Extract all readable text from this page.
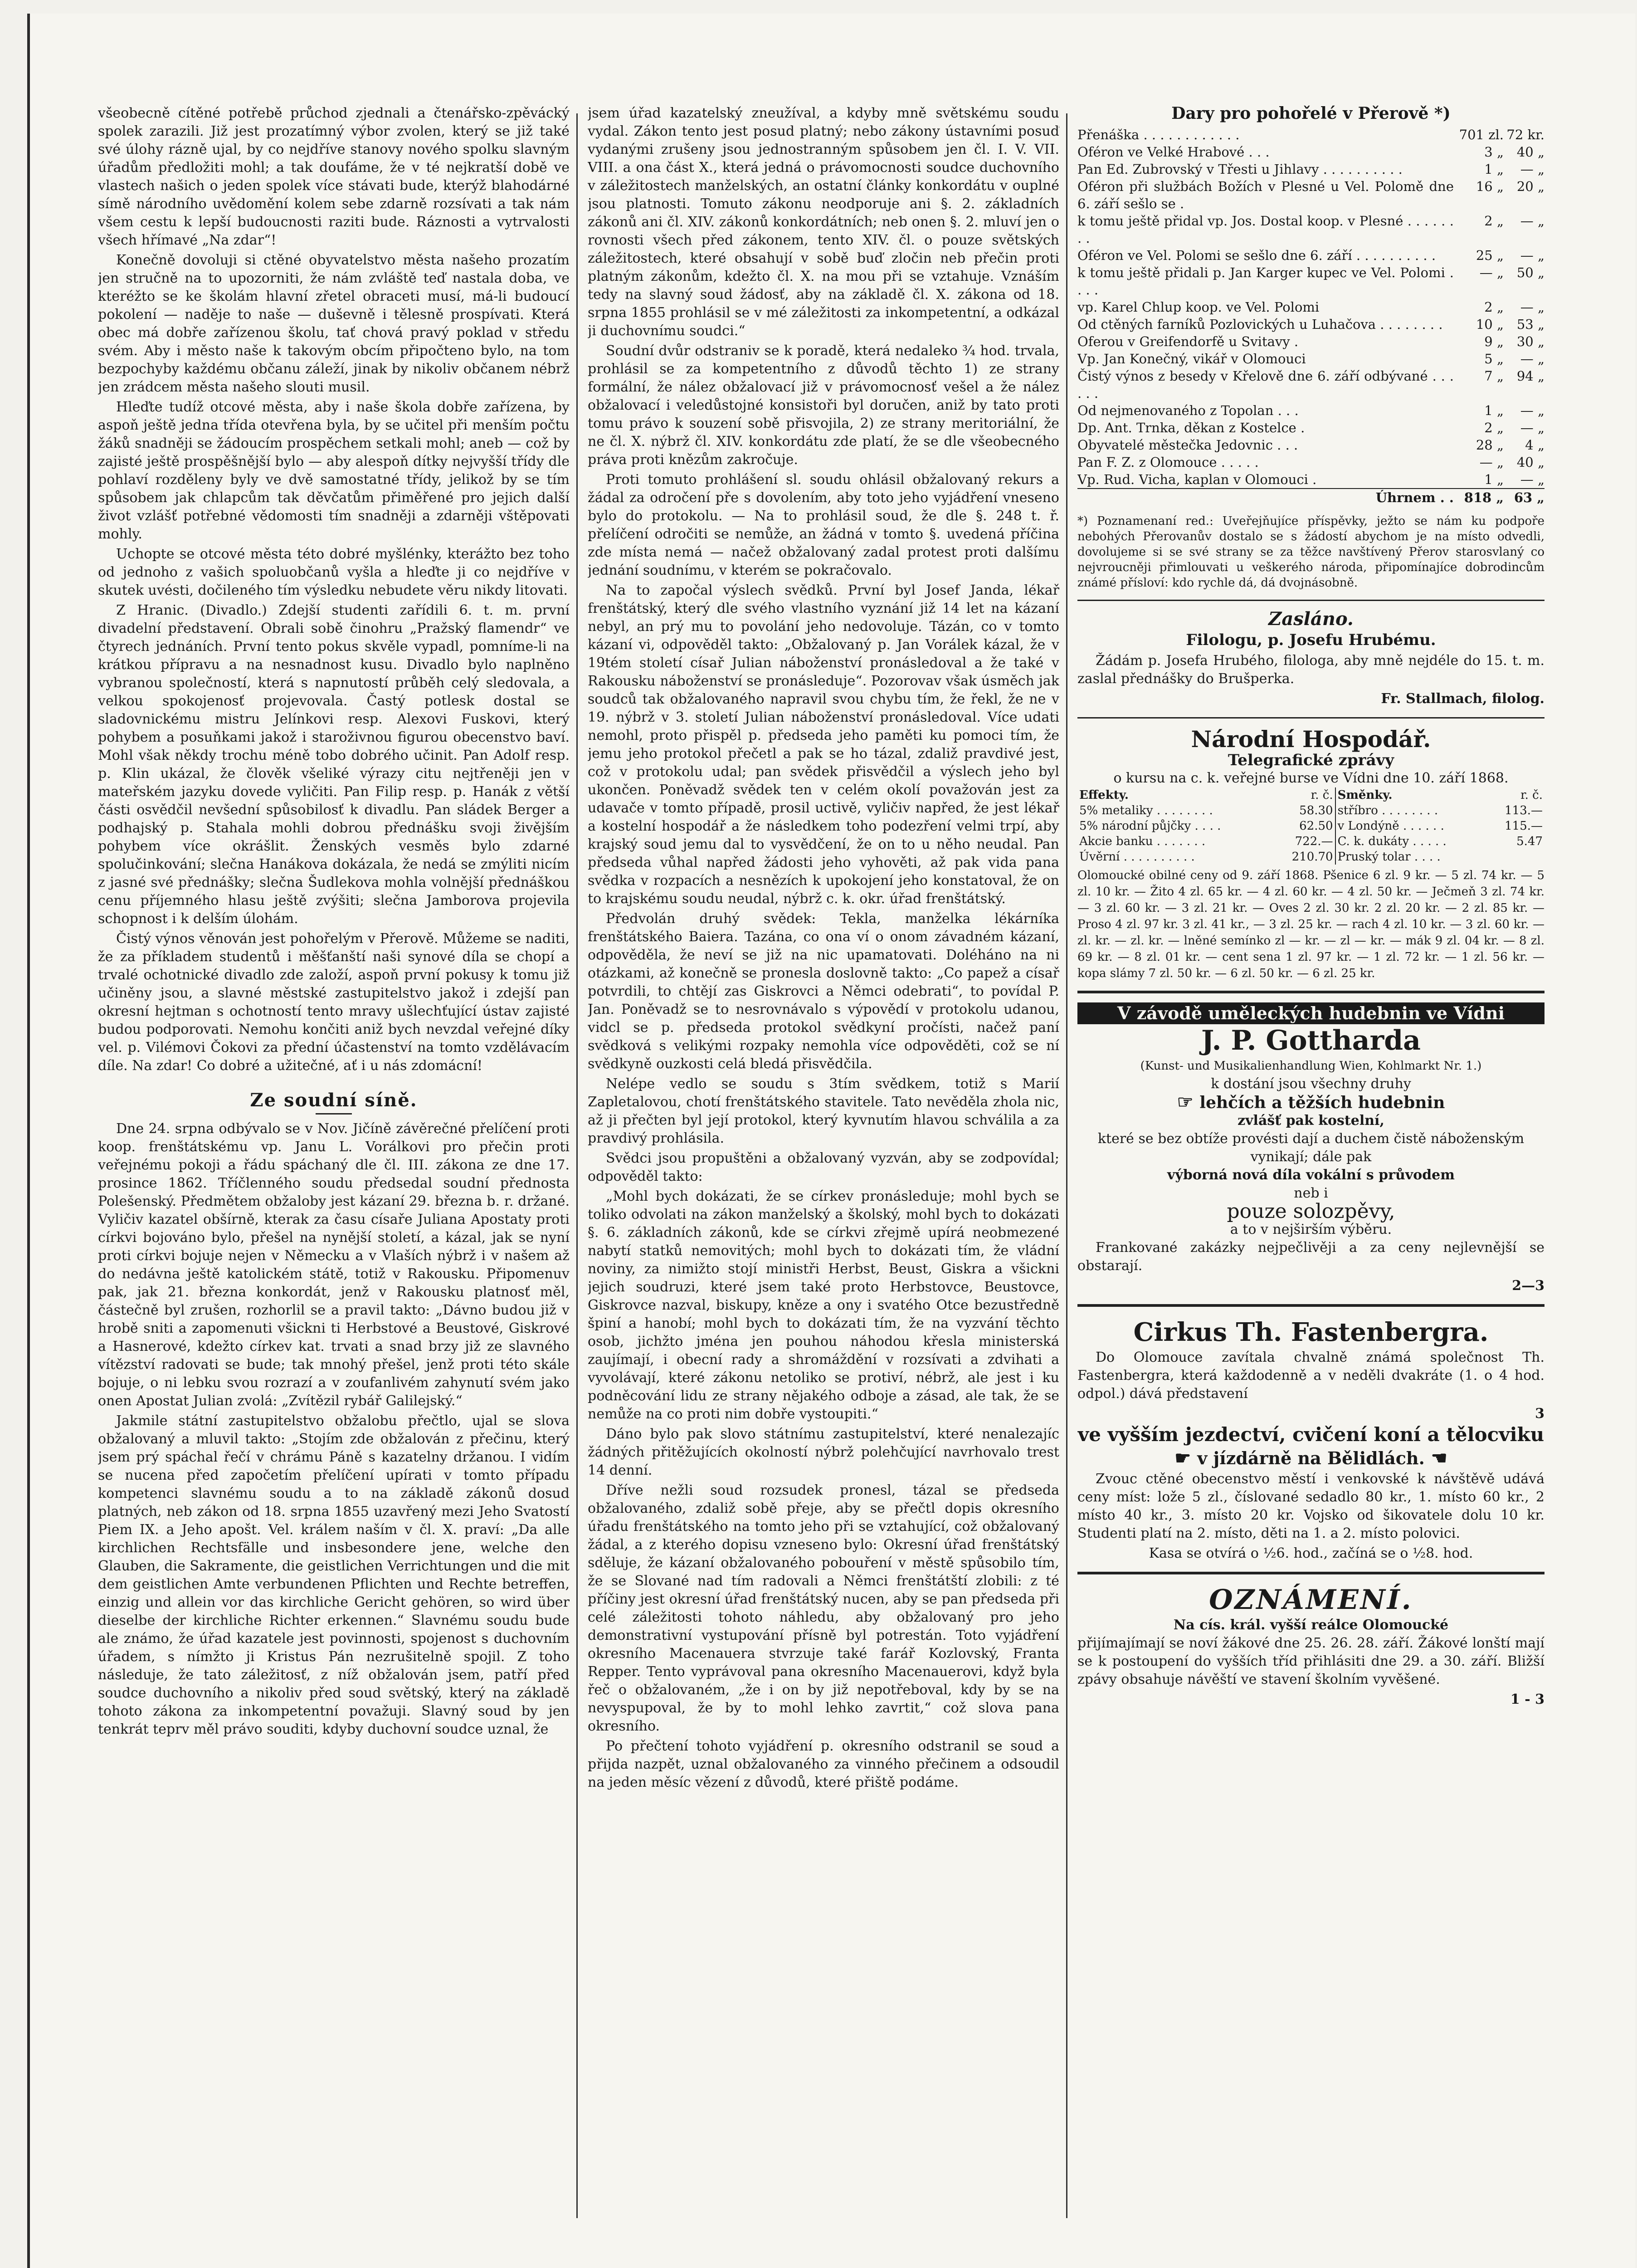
všeobecně cítěné potřebě průchod zjednali a čtenářsko-zpěvácký spolek zarazili. Již jest prozatímný výbor zvolen, který se již také své úlohy rázně ujal, by co nejdříve stanovy nového spolku slavným úřadům předložiti mohl; a tak doufáme, že v té nejkratší době ve vlastech našich o jeden spolek více stávati bude, kterýž blahodárné símě národního uvědomění kolem sebe zdarně rozsívati a tak nám všem cestu k lepší budoucnosti raziti bude. Ráznosti a vytrvalosti všech hřímavé „Na zdar“!

Konečně dovoluji si ctěné obyvatelstvo města našeho prozatím jen stručně na to upozorniti, že nám zvláště teď nastala doba, ve kteréžto se ke školám hlavní zřetel obraceti musí, má-li budoucí pokolení — naděje to naše — duševně i tělesně prospívati. Která obec má dobře zařízenou školu, tať chová pravý poklad v středu svém. Aby i město naše k takovým obcím připočteno bylo, na tom bezpochyby každému občanu záleží, jinak by nikoliv občanem nébrž jen zrádcem města našeho slouti musil.

Hleďte tudíž otcové města, aby i naše škola dobře zařízena, by aspoň ještě jedna třída otevřena byla, by se učitel při menším počtu žáků snadněji se žádoucím prospěchem setkali mohl; aneb — což by zajisté ještě prospěšnější bylo — aby alespoň dítky nejvyšší třídy dle pohlaví rozděleny byly ve dvě samostatné třídy, jelikož by se tím spůsobem jak chlapcům tak děvčatům přiměřené pro jejich další život vzlášť potřebné vědomosti tím snadněji a zdarněji vštěpovati mohly.

Uchopte se otcové města této dobré myšlénky, kterážto bez toho od jednoho z vašich spoluobčanů vyšla a hleďte ji co nejdříve v skutek uvésti, dočileného tím výsledku nebudete věru nikdy litovati.

Z Hranic. (Divadlo.) Zdejší studenti zařídili 6. t. m. první divadelní představení. Obrali sobě činohru „Pražský flamendr“ ve čtyrech jednáních. První tento pokus skvěle vypadl, pomníme-li na krátkou přípravu a na nesnadnost kusu. Divadlo bylo naplněno vybranou společností, která s napnutostí průběh celý sledovala, a velkou spokojenosť projevovala. Častý potlesk dostal se sladovnickému mistru Jelínkovi resp. Alexovi Fuskovi, který pohybem a posuňkami jakož i staroživnou figurou obecenstvo baví. Mohl však někdy trochu méně tobo dobrého učinit. Pan Adolf resp. p. Klin ukázal, že člověk všeliké výrazy citu nejtřeněji jen v mateřském jazyku dovede vyličiti. Pan Filip resp. p. Hanák z větší části osvědčil nevšední spůsobilosť k divadlu. Pan sládek Berger a podhajský p. Stahala mohli dobrou přednášku svoji živějším pohybem více okrášlit. Ženských vesměs bylo zdarné spolučinkování; slečna Hanákova dokázala, že nedá se zmýliti nicím z jasné své přednášky; slečna Šudlekova mohla volnější přednáškou cenu příjemného hlasu ještě zvýšiti; slečna Jamborova projevila schopnost i k delším úlohám.

Čistý výnos věnován jest pohořelým v Přerově. Můžeme se naditi, že za příkladem studentů i měšťanští naši synové díla se chopí a trvalé ochotnické divadlo zde založí, aspoň první pokusy k tomu již učiněny jsou, a slavné městské zastupitelstvo jakož i zdejší pan okresní hejtman s ochotností tento mravy ušlechťující ústav zajisté budou podporovati. Nemohu končiti aniž bych nevzdal veřejné díky vel. p. Vilémovi Čokovi za přední účastenství na tomto vzdělávacím díle. Na zdar! Co dobré a užitečné, ať i u nás zdomácní!

Ze soudní síně.

Dne 24. srpna odbývalo se v Nov. Jičíně závěrečné přelíčení proti koop. frenštátskému vp. Janu L. Vorálkovi pro přečin proti veřejnému pokoji a řádu spáchaný dle čl. III. zákona ze dne 17. prosince 1862. Tříčlenného soudu předsedal soudní přednosta Polešenský. Předmětem obžaloby jest kázaní 29. března b. r. držané. Vyličiv kazatel obšírně, kterak za času císaře Juliana Apostaty proti církvi bojováno bylo, přešel na nynější století, a kázal, jak se nyní proti církvi bojuje nejen v Německu a v Vlaších nýbrž i v našem až do nedávna ještě katolickém státě, totiž v Rakousku. Připomenuv pak, jak 21. března konkordát, jenž v Rakousku platnosť měl, částečně byl zrušen, rozhorlil se a pravil takto: „Dávno budou již v hrobě sniti a zapomenuti všickni ti Herbstové a Beustové, Giskrové a Hasnerové, kdežto církev kat. trvati a snad brzy již ze slavného vítězství radovati se bude; tak mnohý přešel, jenž proti této skále bojuje, o ni lebku svou rozrazí a v zoufanlivém zahynutí svém jako onen Apostat Julian zvolá: „Zvítězil rybář Galilejský.“

Jakmile státní zastupitelstvo obžalobu přečtlo, ujal se slova obžalovaný a mluvil takto: „Stojím zde obžalován z přečinu, který jsem prý spáchal řečí v chrámu Páně s kazatelny držanou. I vidím se nucena před započetím přelíčení upírati v tomto případu kompetenci slavnému soudu a to na základě zákonů dosud platných, neb zákon od 18. srpna 1855 uzavřený mezi Jeho Svatostí Piem IX. a Jeho apošt. Vel. králem naším v čl. X. praví: „Da alle kirchlichen Rechtsfälle und insbesondere jene, welche den Glauben, die Sakramente, die geistlichen Verrichtungen und die mit dem geistlichen Amte verbundenen Pflichten und Rechte betreffen, einzig und allein vor das kirchliche Gericht gehören, so wird über dieselbe der kirchliche Richter erkennen.“ Slavnému soudu bude ale známo, že úřad kazatele jest povinnosti, spojenost s duchovním úřadem, s nímžto ji Kristus Pán nezrušitelně spojil. Z toho následuje, že tato záležitosť, z níž obžalován jsem, patří před soudce duchovního a nikoliv před soud světský, který na základě tohoto zákona za inkompetentní považuji. Slavný soud by jen tenkrát teprv měl právo souditi, kdyby duchovní soudce uznal, že

jsem úřad kazatelský zneužíval, a kdyby mně světskému soudu vydal. Zákon tento jest posud platný; nebo zákony ústavními posuď vydanými zrušeny jsou jednostranným spůsobem jen čl. I. V. VII. VIII. a ona část X., která jedná o právomocnosti soudce duchovního v záležitostech manželských, an ostatní články konkordátu v ouplné jsou platnosti. Tomuto zákonu neodporuje ani §. 2. základních zákonů ani čl. XIV. zákonů konkordátních; neb onen §. 2. mluví jen o rovnosti všech před zákonem, tento XIV. čl. o pouze světských záležitostech, které obsahují v sobě buď zločin neb přečin proti platným zákonům, kdežto čl. X. na mou při se vztahuje. Vznáším tedy na slavný soud žádosť, aby na základě čl. X. zákona od 18. srpna 1855 prohlásil se v mé záležitosti za inkompetentní, a odkázal ji duchovnímu soudci.“

Soudní dvůr odstraniv se k poradě, která nedaleko ¾ hod. trvala, prohlásil se za kompetentního z důvodů těchto 1) ze strany formální, že nález obžalovací již v právomocnosť vešel a že nález obžalovací i veledůstojné konsistoři byl doručen, aniž by tato proti tomu právo k souzení sobě přisvojila, 2) ze strany meritoriální, že ne čl. X. nýbrž čl. XIV. konkordátu zde platí, že se dle všeobecného práva proti knězům zakročuje.

Proti tomuto prohlášení sl. soudu ohlásil obžalovaný rekurs a žádal za odročení pře s dovolením, aby toto jeho vyjádření vneseno bylo do protokolu. — Na to prohlásil soud, že dle §. 248 t. ř. přelíčení odročiti se nemůže, an žádná v tomto §. uvedená příčina zde místa nemá — načež obžalovaný zadal protest proti dalšímu jednání soudnímu, v kterém se pokračovalo.

Na to započal výslech svědků. První byl Josef Janda, lékař frenštátský, který dle svého vlastního vyznání již 14 let na kázaní nebyl, an prý mu to povolání jeho nedovoluje. Tázán, co v tomto kázaní vi, odpověděl takto: „Obžalovaný p. Jan Vorálek kázal, že v 19tém století císař Julian náboženství pronásledoval a že také v Rakousku náboženství se pronásleduje“. Pozorovav však úsměch jak soudců tak obžalovaného napravil svou chybu tím, že řekl, že ne v 19. nýbrž v 3. století Julian náboženství pronásledoval. Více udati nemohl, proto přispěl p. předseda jeho paměti ku pomoci tím, že jemu jeho protokol přečetl a pak se ho tázal, zdaliž pravdivé jest, což v protokolu udal; pan svědek přisvědčil a výslech jeho byl ukončen. Poněvadž svědek ten v celém okolí považován jest za udavače v tomto případě, prosil uctivě, vyličiv napřed, že jest lékař a kostelní hospodář a že následkem toho podezření velmi trpí, aby krajský soud jemu dal to vysvědčení, že on to u něho neudal. Pan předseda vůhal napřed žádosti jeho vyhověti, až pak vida pana svědka v rozpacích a nesnězích k upokojení jeho konstatoval, že on to krajskému soudu neudal, nýbrž c. k. okr. úřad frenštátský.

Předvolán druhý svědek: Tekla, manželka lékárníka frenštátského Baiera. Tazána, co ona ví o onom závadném kázaní, odpověděla, že neví se již na nic upamatovati. Doléháno na ni otázkami, až konečně se pronesla doslovně takto: „Co papež a císař potvrdili, to chtějí zas Giskrovci a Němci odebrati“, to povídal P. Jan. Poněvadž se to nesrovnávalo s výpovědí v protokolu udanou, vidcl se p. předseda protokol svědkyní pročísti, načež paní svědková s velikými rozpaky nemohla více odpověděti, což se ní svědkyně ouzkosti celá bledá přisvědčila.

Nelépe vedlo se soudu s 3tím svědkem, totiž s Marií Zapletalovou, chotí frenštátského stavitele. Tato nevěděla zhola nic, až ji přečten byl její protokol, který kyvnutím hlavou schválila a za pravdivý prohlásila.

Svědci jsou propuštěni a obžalovaný vyzván, aby se zodpovídal; odpověděl takto:

„Mohl bych dokázati, že se církev pronásleduje; mohl bych se toliko odvolati na zákon manželský a školský, mohl bych to dokázati §. 6. základních zákonů, kde se církvi zřejmě upírá neobmezené nabytí statků nemovitých; mohl bych to dokázati tím, že vládní noviny, za nimižto stojí ministři Herbst, Beust, Giskra a všickni jejich soudruzi, které jsem také proto Herbstovce, Beustovce, Giskrovce nazval, biskupy, kněze a ony i svatého Otce bezustředně špiní a hanobí; mohl bych to dokázati tím, že na vyzvání těchto osob, jichžto jména jen pouhou náhodou křesla ministerská zaujímají, i obecní rady a shromáždění v rozsívati a zdvihati a vyvolávají, které zákonu netoliko se protiví, nébrž, ale jest i ku podněcování lidu ze strany nějakého odboje a zásad, ale tak, že se nemůže na co proti nim dobře vystoupiti.“

Dáno bylo pak slovo státnímu zastupitelství, které nenalezajíc žádných přitěžujících okolností nýbrž polehčující navrhovalo trest 14 denní.

Dříve nežli soud rozsudek pronesl, tázal se předseda obžalovaného, zdaliž sobě přeje, aby se přečtl dopis okresního úřadu frenštátského na tomto jeho při se vztahující, což obžalovaný žádal, a z kterého dopisu vzneseno bylo: Okresní úřad frenštátský sděluje, že kázaní obžalovaného pobouření v městě spůsobilo tím, že se Slované nad tím radovali a Němci frenštátští zlobili: z té příčiny jest okresní úřad frenštátský nucen, aby se pan předseda při celé záležitosti tohoto náhledu, aby obžalovaný pro jeho demonstrativní vystupování přísně byl potrestán. Toto vyjádření okresního Macenauera stvrzuje také farář Kozlovský, Franta Repper. Tento vyprávoval pana okresního Macenauerovi, když byla řeč o obžalovaném, „že i on by již nepotřeboval, kdy by se na nevyspupoval, že by to mohl lehko zavrtit,“ což slova pana okresního.

Po přečtení tohoto vyjádření p. okresního odstranil se soud a přijda nazpět, uznal obžalovaného za vinného přečinem a odsoudil na jeden měsíc vězení z důvodů, které přiště podáme.

Dary pro pohořelé v Přerově *)
Přenáška . . . . . . . . . . . .	701 zl.	72 kr.
Oféron ve Velké Hrabové . . .	3 „	40 „
Pan Ed. Zubrovský v Třesti u Jihlavy . . . . . . . . . .	1 „	— „
Oféron při službách Božích v Plesné u Vel. Polomě dne 6. září sešlo se .	16 „	20 „
k tomu ještě přidal vp. Jos. Dostal koop. v Plesné . . . . . . . .	2 „	— „
Oféron ve Vel. Polomi se sešlo dne 6. září . . . . . . . . . .	25 „	— „
k tomu ještě přidali p. Jan Karger kupec ve Vel. Polomi . . . .	— „	50 „
vp. Karel Chlup koop. ve Vel. Polomi	2 „	— „
Od ctěných farníků Pozlovických u Luhačova . . . . . . . .	10 „	53 „
Oferou v Greifendorfě u Svitavy .	9 „	30 „
Vp. Jan Konečný, vikář v Olomouci	5 „	— „
Čistý výnos z besedy v Křelově dne 6. září odbývané . . . . . .	7 „	94 „
Od nejmenovaného z Topolan . . .	1 „	— „
Dp. Ant. Trnka, děkan z Kostelce .	2 „	— „
Obyvatelé městečka Jedovnic . . .	28 „	4 „
Pan F. Z. z Olomouce . . . . .	— „	40 „
Vp. Rud. Vicha, kaplan v Olomouci .	1 „	— „
Úhrnem . .	818 „	63 „

*) Poznamenaní red.: Uveřejňujíce příspěvky, ježto se nám ku podpoře nebohých Přerovanův dostalo se s žádostí abychom je na místo odvedli, dovolujeme si se své strany se za těžce navštívený Přerov starosvlaný co nejvroucněji přimlouvati u veškerého národa, připomínajíce dobrodincům známé přísloví: kdo rychle dá, dá dvojnásobně.

Zasláno.
Filologu, p. Josefu Hrubému.

Žádám p. Josefa Hrubého, filologa, aby mně nejdéle do 15. t. m. zaslal přednášky do Brušperka.

Fr. Stallmach, filolog.
Národní Hospodář.
Telegrafické zprávy
o kursu na c. k. veřejné burse ve Vídni dne 10. září 1868.
Effekty.	r. č.	Směnky.	r. č.
5% metaliky . . . . . . . .	58.30	stříbro . . . . . . . .	113.—
5% národní půjčky . . . .	62.50	v Londýně . . . . . .	115.—
Akcie banku . . . . . . .	722.—	C. k. dukáty . . . . .	5.47
Úvěrní . . . . . . . . . .	210.70	Pruský tolar . . . .	

Olomoucké obilné ceny od 9. září 1868. Pšenice 6 zl. 9 kr. — 5 zl. 74 kr. — 5 zl. 10 kr. — Žito 4 zl. 65 kr. — 4 zl. 60 kr. — 4 zl. 50 kr. — Ječmeň 3 zl. 74 kr. — 3 zl. 60 kr. — 3 zl. 21 kr. — Oves 2 zl. 30 kr. 2 zl. 20 kr. — 2 zl. 85 kr. — Proso 4 zl. 97 kr. 3 zl. 41 kr., — 3 zl. 25 kr. — rach 4 zl. 10 kr. — 3 zl. 60 kr. — zl. kr. — zl. kr. — lněné semínko zl — kr. — zl — kr. — mák 9 zl. 04 kr. — 8 zl. 69 kr. — 8 zl. 01 kr. — cent sena 1 zl. 97 kr. — 1 zl. 72 kr. — 1 zl. 56 kr. — kopa slámy 7 zl. 50 kr. — 6 zl. 50 kr. — 6 zl. 25 kr.

V závodě uměleckých hudebnin ve Vídni
J. P. Gottharda
(Kunst- und Musikalienhandlung Wien, Kohlmarkt Nr. 1.)
k dostání jsou všechny druhy
☞ lehčích a těžších hudebnin
zvlášť pak kostelní,
které se bez obtíže provésti dají a duchem čistě náboženským vynikají; dále pak
výborná nová díla vokální s průvodem
neb i
pouze solozpěvy,
a to v nejširším výběru.

Frankované zakázky nejpečlivěji a za ceny nejlevnější se obstarají.

2—3
Cirkus Th. Fastenbergra.

Do Olomouce zavítala chvalně známá společnost Th. Fastenbergra, která každodenně a v neděli dvakráte (1. o 4 hod. odpol.) dává představení

3
ve vyšším jezdectví, cvičení koní a tělocviku
☛ v jízdárně na Bělidlách. ☚

Zvouc ctěné obecenstvo městí i venkovské k návštěvě udává ceny míst: lože 5 zl., číslované sedadlo 80 kr., 1. místo 60 kr., 2 místo 40 kr., 3. místo 20 kr. Vojsko od šikovatele dolu 10 kr. Studenti platí na 2. místo, děti na 1. a 2. místo polovici.

Kasa se otvírá o ½6. hod., začíná se o ½8. hod.
OZNÁMENÍ.
Na cís. král. vyšší reálce Olomoucké

přijímajímají se noví žákové dne 25. 26. 28. září. Žákové lonští mají se k postoupení do vyšších tříd přihlásiti dne 29. a 30. září. Bližší zpávy obsahuje návěští ve stavení školním vyvěšené.

1 - 3
